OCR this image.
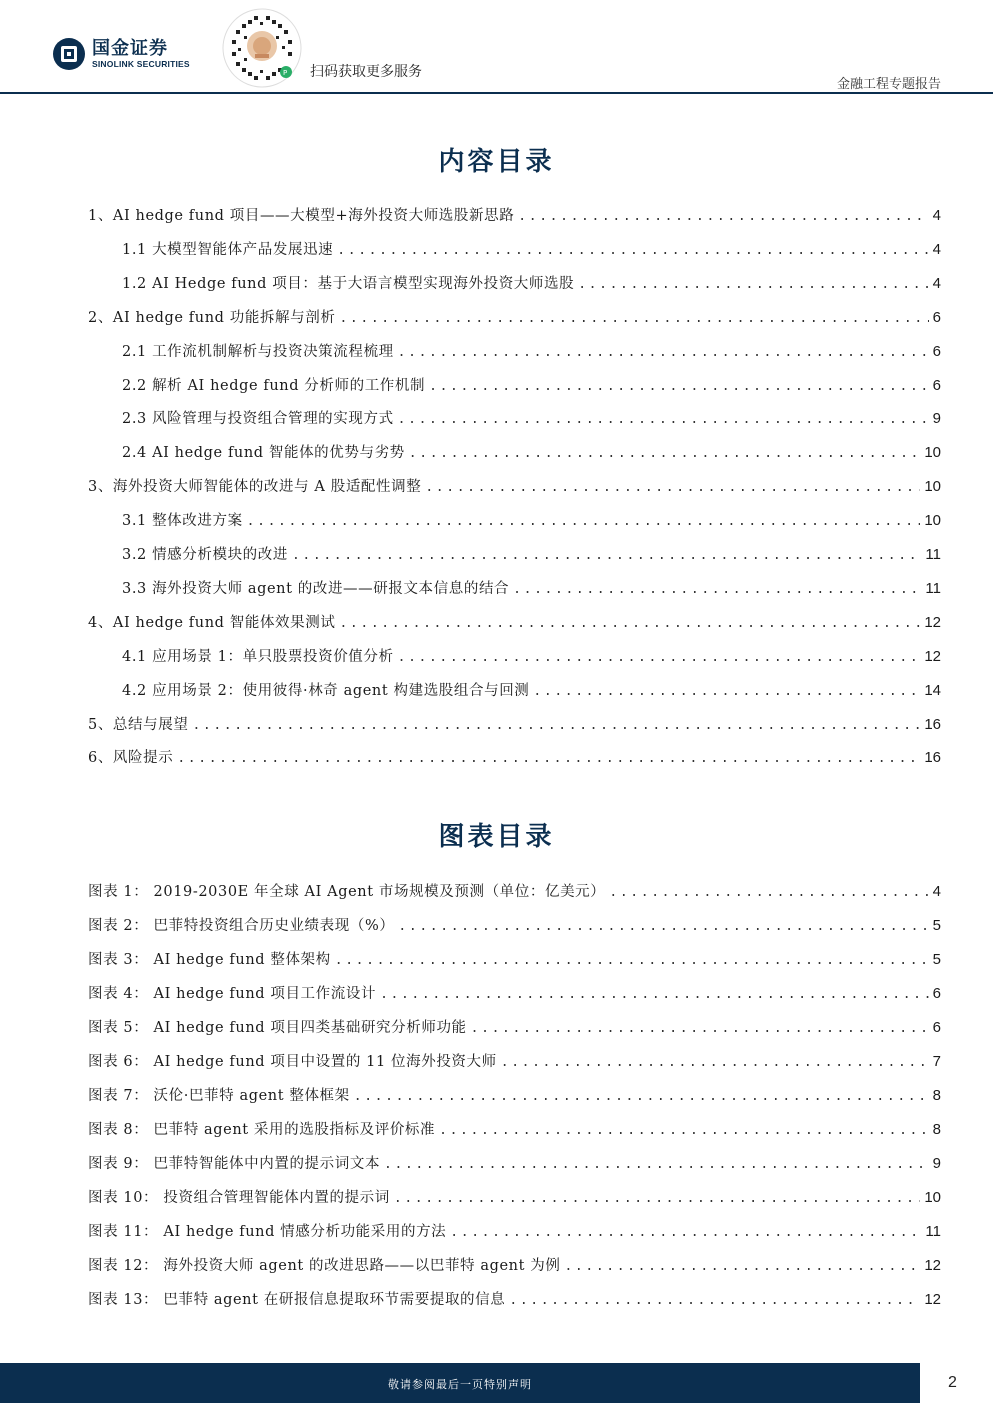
国金证券
SINOLINK SECURITIES
P 扫码获取更多服务
金融工程专题报告
内容目录
1、AI hedge fund 项目——大模型+海外投资大师选股新思路 . . .	4
1.1 大模型智能体产品发展迅速 . . .	4
1.2 AI Hedge fund 项目：基于大语言模型实现海外投资大师选股 . . .	4
2、AI hedge fund 功能拆解与剖析 . . .	6
2.1 工作流机制解析与投资决策流程梳理 . . .	6
2.2 解析 AI hedge fund 分析师的工作机制 . . .	6
2.3 风险管理与投资组合管理的实现方式 . . .	9
2.4 AI hedge fund 智能体的优势与劣势 . . .	10
3、海外投资大师智能体的改进与 A 股适配性调整 . . .	10
3.1 整体改进方案 . . .	10
3.2 情感分析模块的改进 . . .	11
3.3 海外投资大师 agent 的改进——研报文本信息的结合 . . .	11
4、AI hedge fund 智能体效果测试 . . .	12
4.1 应用场景 1：单只股票投资价值分析 . . .	12
4.2 应用场景 2：使用彼得·林奇 agent 构建选股组合与回测 . . .	14
5、总结与展望 . . .	16
6、风险提示 . . .	16
图表目录
图表 1： 2019-2030E 年全球 AI Agent 市场规模及预测（单位：亿美元） . . .	4
图表 2： 巴菲特投资组合历史业绩表现（%） . . .	5
图表 3： AI hedge fund 整体架构 . . .	5
图表 4： AI hedge fund 项目工作流设计 . . .	6
图表 5： AI hedge fund 项目四类基础研究分析师功能 . . .	6
图表 6： AI hedge fund 项目中设置的 11 位海外投资大师 . . .	7
图表 7： 沃伦·巴菲特 agent 整体框架 . . .	8
图表 8： 巴菲特 agent 采用的选股指标及评价标准 . . .	8
图表 9： 巴菲特智能体中内置的提示词文本 . . .	9
图表 10： 投资组合管理智能体内置的提示词 . . .	10
图表 11： AI hedge fund 情感分析功能采用的方法 . . .	11
图表 12： 海外投资大师 agent 的改进思路——以巴菲特 agent 为例 . . .	12
图表 13： 巴菲特 agent 在研报信息提取环节需要提取的信息 . . .	12
敬请参阅最后一页特别声明	2
